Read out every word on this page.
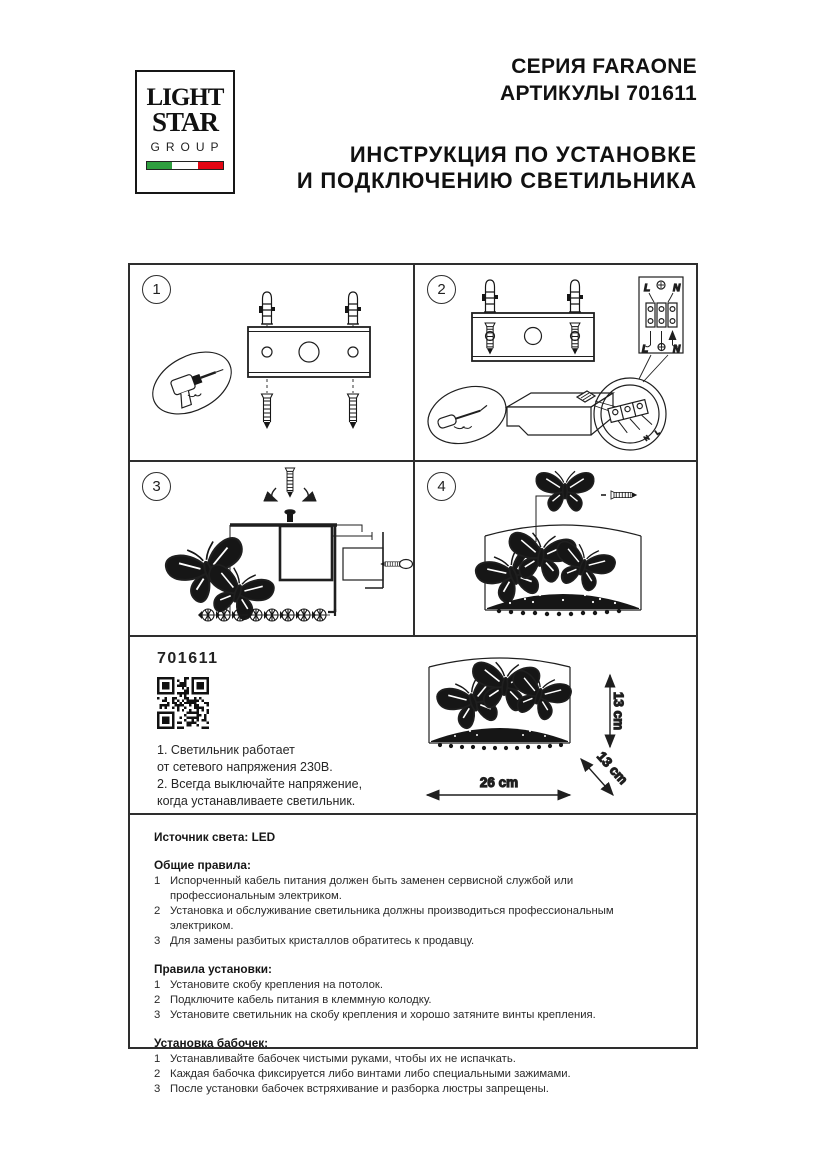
LIGHT
STAR
GROUP
СЕРИЯ FARAONE
АРТИКУЛЫ 701611
ИНСТРУКЦИЯ ПО УСТАНОВКЕ
И ПОДКЛЮЧЕНИЮ СВЕТИЛЬНИКА
1	2
N
L
L N
L N
3	4
701611
1. Светильник работает
от сетевого напряжения 230В.
2. Всегда выключайте напряжение,
когда устанавливаете светильник.
13 cm
13 cm
26 cm
Источник света: LED
Общие правила:
1 Испорченный кабель питания должен быть заменен сервисной службой или профессиональным электриком.
2 Установка и обслуживание светильника должны производиться профессиональным электриком.
3 Для замены разбитых кристаллов обратитесь к продавцу.
Правила установки:
1 Установите скобу крепления на потолок.
2 Подключите кабель питания в клеммную колодку.
3 Установите светильник на скобу крепления и хорошо затяните винты крепления.
Установка бабочек:
1 Устанавливайте бабочек чистыми руками, чтобы их не испачкать.
2 Каждая бабочка фиксируется либо винтами либо специальными зажимами.
3 После установки бабочек встряхивание и разборка люстры запрещены.
